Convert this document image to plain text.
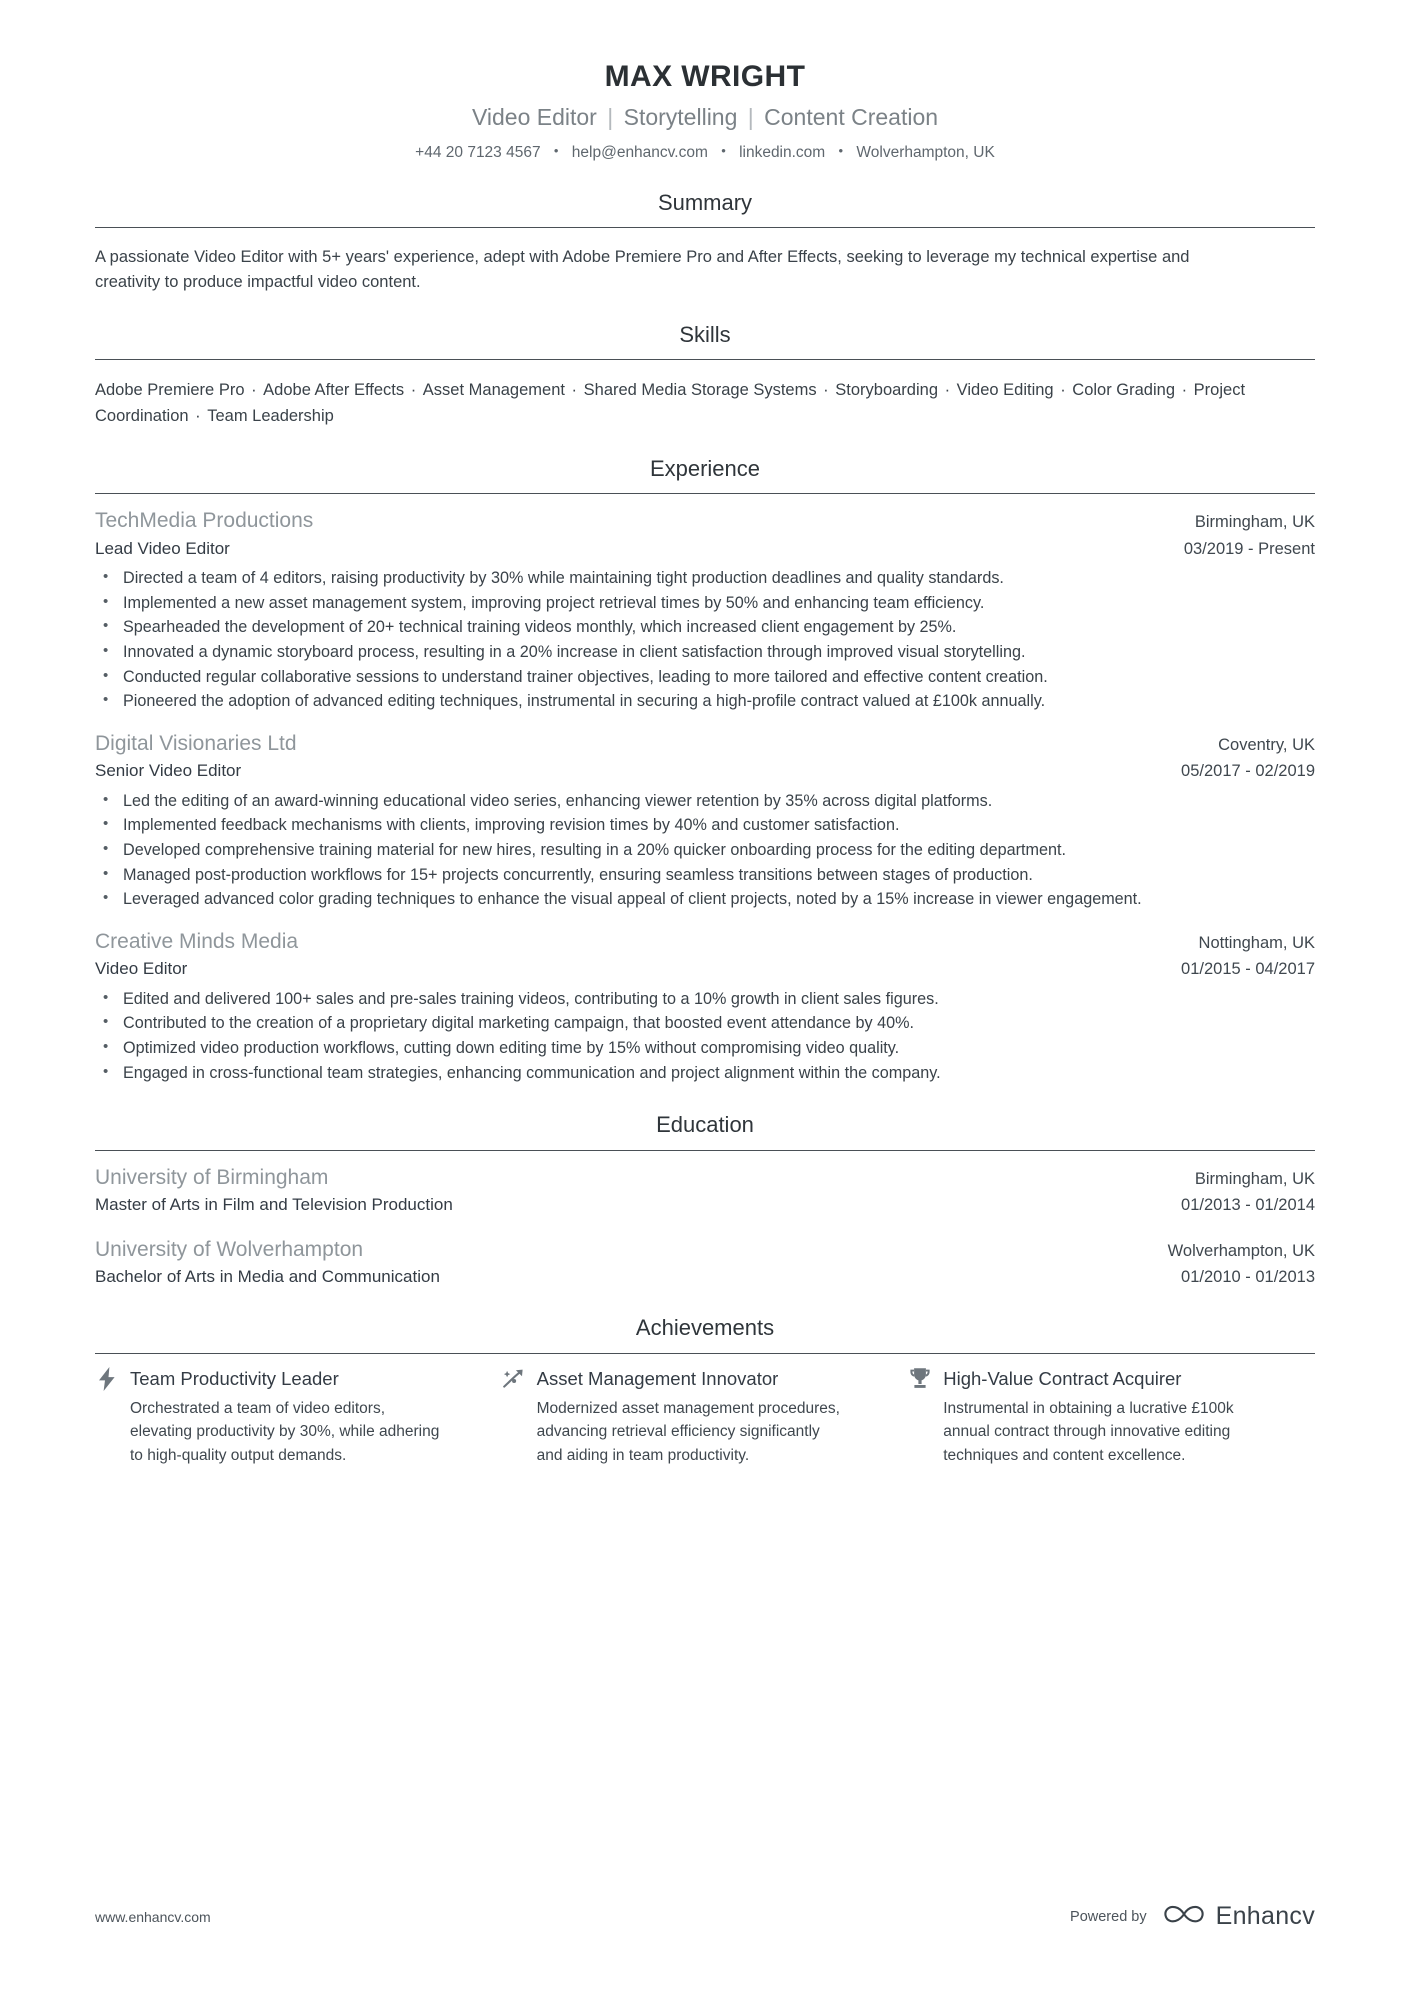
MAX WRIGHT
Video Editor | Storytelling | Content Creation
+44 20 7123 4567 • help@enhancv.com • linkedin.com • Wolverhampton, UK
Summary

A passionate Video Editor with 5+ years' experience, adept with Adobe Premiere Pro and After Effects, seeking to leverage my technical expertise and creativity to produce impactful video content.

Skills

Adobe Premiere Pro · Adobe After Effects · Asset Management · Shared Media Storage Systems · Storyboarding · Video Editing · Color Grading · Project Coordination · Team Leadership

Experience
TechMedia Productions	Birmingham, UK
Lead Video Editor	03/2019 - Present
• Directed a team of 4 editors, raising productivity by 30% while maintaining tight production deadlines and quality standards.
• Implemented a new asset management system, improving project retrieval times by 50% and enhancing team efficiency.
• Spearheaded the development of 20+ technical training videos monthly, which increased client engagement by 25%.
• Innovated a dynamic storyboard process, resulting in a 20% increase in client satisfaction through improved visual storytelling.
• Conducted regular collaborative sessions to understand trainer objectives, leading to more tailored and effective content creation.
• Pioneered the adoption of advanced editing techniques, instrumental in securing a high-profile contract valued at £100k annually.
Digital Visionaries Ltd	Coventry, UK
Senior Video Editor	05/2017 - 02/2019
• Led the editing of an award-winning educational video series, enhancing viewer retention by 35% across digital platforms.
• Implemented feedback mechanisms with clients, improving revision times by 40% and customer satisfaction.
• Developed comprehensive training material for new hires, resulting in a 20% quicker onboarding process for the editing department.
• Managed post-production workflows for 15+ projects concurrently, ensuring seamless transitions between stages of production.
• Leveraged advanced color grading techniques to enhance the visual appeal of client projects, noted by a 15% increase in viewer engagement.
Creative Minds Media	Nottingham, UK
Video Editor	01/2015 - 04/2017
• Edited and delivered 100+ sales and pre-sales training videos, contributing to a 10% growth in client sales figures.
• Contributed to the creation of a proprietary digital marketing campaign, that boosted event attendance by 40%.
• Optimized video production workflows, cutting down editing time by 15% without compromising video quality.
• Engaged in cross-functional team strategies, enhancing communication and project alignment within the company.
Education
University of Birmingham	Birmingham, UK
Master of Arts in Film and Television Production	01/2013 - 01/2014
University of Wolverhampton	Wolverhampton, UK
Bachelor of Arts in Media and Communication	01/2010 - 01/2013
Achievements
Team Productivity Leader
Orchestrated a team of video editors, elevating productivity by 30%, while adhering to high-quality output demands.
Asset Management Innovator
Modernized asset management procedures, advancing retrieval efficiency significantly and aiding in team productivity.
High-Value Contract Acquirer
Instrumental in obtaining a lucrative £100k annual contract through innovative editing techniques and content excellence.
www.enhancv.com	Powered by	Enhancv
